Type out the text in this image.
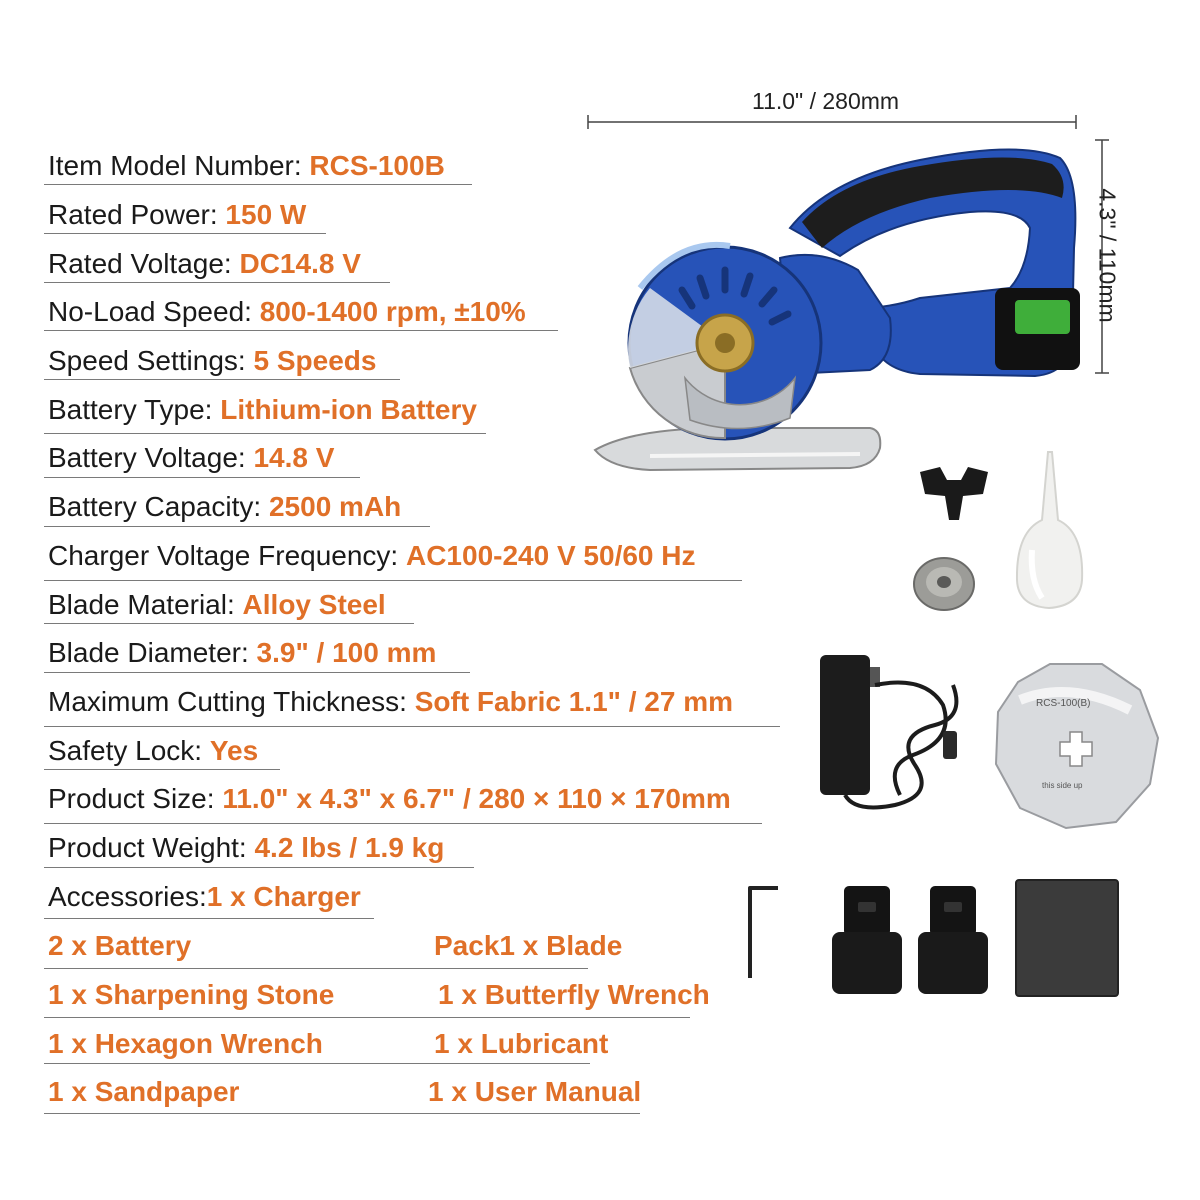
Item Model Number: RCS-100B
Rated Power: 150 W
Rated Voltage: DC14.8 V
No-Load Speed: 800-1400 rpm, ±10%
Speed Settings: 5 Speeds
Battery Type: Lithium-ion Battery
Battery Voltage: 14.8 V
Battery Capacity: 2500 mAh
Charger Voltage Frequency: AC100-240 V 50/60 Hz
Blade Material: Alloy Steel
Blade Diameter: 3.9" / 100 mm
Maximum Cutting Thickness: Soft Fabric 1.1" / 27 mm
Safety Lock: Yes
Product Size: 11.0" x 4.3" x 6.7" / 280 × 110 × 170mm
Product Weight: 4.2 lbs / 1.9 kg
Accessories:1 x Charger
2 x Battery	Pack1 x Blade
1 x Sharpening Stone	1 x Butterfly Wrench
1 x Hexagon Wrench	1 x Lubricant
1 x Sandpaper	1 x User Manual
11.0" / 280mm
4.3" / 110mm
RCS-100(B)
this side up
